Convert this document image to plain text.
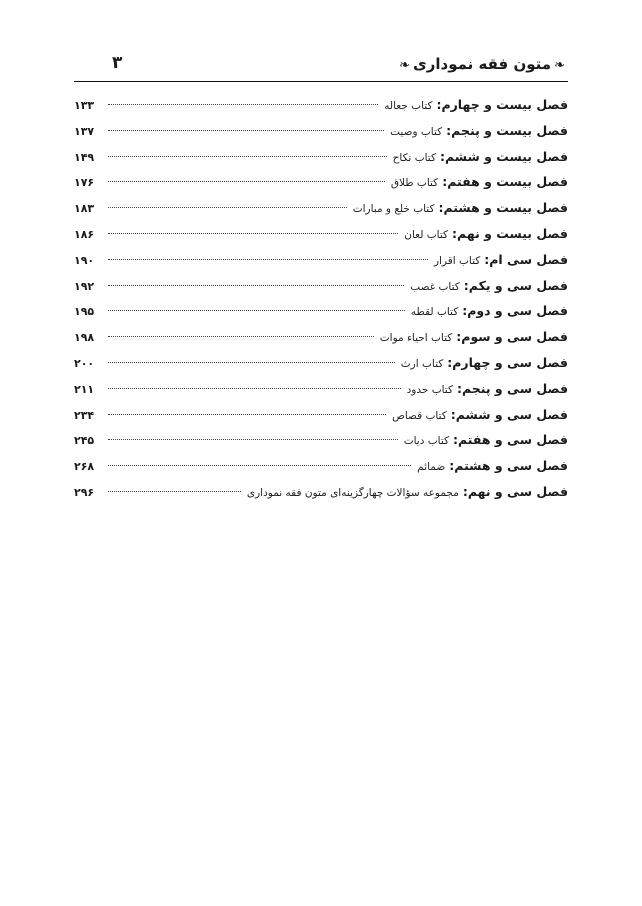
❧متون فقه نموداری❧
۳
فصل بیست و چهارم
:
کتاب جعاله
۱۳۳
فصل بیست و پنجم
:
کتاب وصیت
۱۳۷
فصل بیست و ششم
:
کتاب نکاح
۱۴۹
فصل بیست و هفتم
:
کتاب طلاق
۱۷۶
فصل بیست و هشتم
:
کتاب خلع و مبارات
۱۸۳
فصل بیست و نهم
:
کتاب لعان
۱۸۶
فصل سی ام
:
کتاب اقرار
۱۹۰
فصل سی و یکم
:
کتاب غصب
۱۹۲
فصل سی و دوم
:
کتاب لقطه
۱۹۵
فصل سی و سوم
:
کتاب احیاء موات
۱۹۸
فصل سی و چهارم
:
کتاب ارث
۲۰۰
فصل سی و پنجم
:
کتاب حدود
۲۱۱
فصل سی و ششم
:
کتاب قصاص
۲۳۴
فصل سی و هفتم
:
کتاب دیات
۲۴۵
فصل سی و هشتم
:
ضمائم
۲۶۸
فصل سی و نهم
:
مجموعه سؤالات چهارگزینه‌ای متون فقه نموداری
۲۹۶
